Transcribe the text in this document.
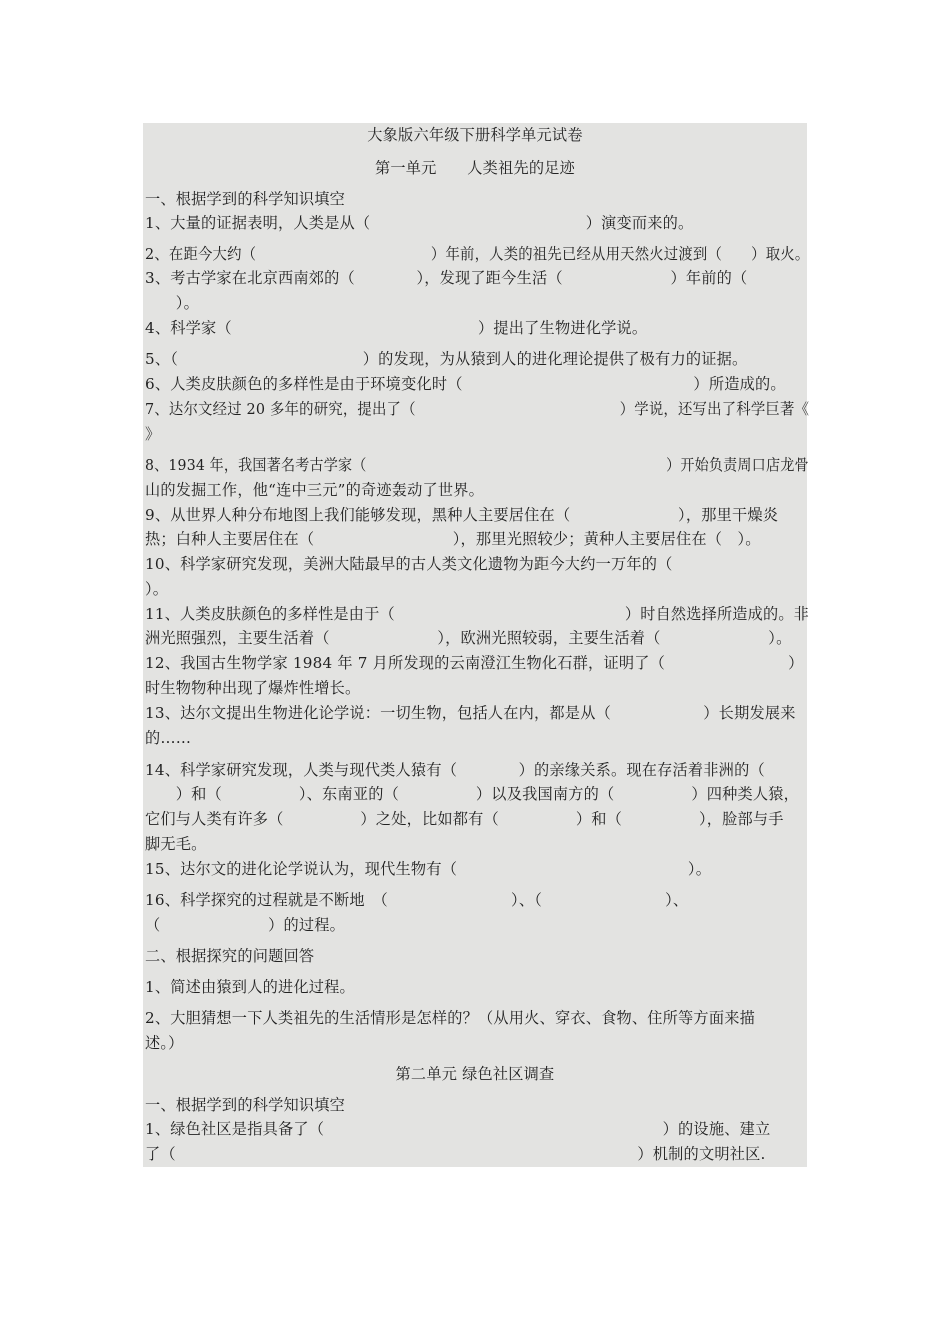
大象版六年级下册科学单元试卷
第一单元　　人类祖先的足迹
一、根据学到的科学知识填空
1、大量的证据表明，人类是从（　　　　　　　　　　　　　　）演变而来的。
2、在距今大约（　　　　　　　　　　　　）年前，人类的祖先已经从用天然火过渡到（　　）取火。
3、考古学家在北京西南郊的（　　　　），发现了距今生活（　　　　　　　）年前的（
　　）。
4、科学家（　　　　　　　　　　　　　　　　）提出了生物进化学说。
5、（　　　　　　　　　　　　）的发现，为从猿到人的进化理论提供了极有力的证据。
6、人类皮肤颜色的多样性是由于环境变化时（　　　　　　　　　　　　　　　）所造成的。
7、达尔文经过 20 多年的研究，提出了（　　　　　　　　　　　　　　）学说，还写出了科学巨著《
》
8、1934 年，我国著名考古学家（　　　　　　　　　　　　　　　　　　　　　）开始负责周口店龙骨
山的发掘工作，他“连中三元”的奇迹轰动了世界。
9、从世界人种分布地图上我们能够发现，黑种人主要居住在（　　　　　　　），那里干燥炎
热；白种人主要居住在（　　　　　　　　　），那里光照较少；黄种人主要居住在（　）。
10、科学家研究发现，美洲大陆最早的古人类文化遗物为距今大约一万年的（
）。
11、人类皮肤颜色的多样性是由于（　　　　　　　　　　　　　　　）时自然选择所造成的。非
洲光照强烈，主要生活着（　　　　　　　），欧洲光照较弱，主要生活着（　　　　　　　）。
12、我国古生物学家 1984 年 7 月所发现的云南澄江生物化石群，证明了（　　　　　　　　）
时生物物种出现了爆炸性增长。
13、达尔文提出生物进化论学说：一切生物，包括人在内，都是从（　　　　　　）长期发展来
的……
14、科学家研究发现，人类与现代类人猿有（　　　　）的亲缘关系。现在存活着非洲的（
　　）和（　　　　　）、东南亚的（　　　　　）以及我国南方的（　　　　　）四种类人猿，
它们与人类有许多（　　　　　）之处，比如都有（　　　　　）和（　　　　　），脸部与手
脚无毛。
15、达尔文的进化论学说认为，现代生物有（　　　　　　　　　　　　　　　）。
16、科学探究的过程就是不断地　（　　　　　　　　）、（　　　　　　　　）、
（　　　　　　　）的过程。
二、根据探究的问题回答
1、简述由猿到人的进化过程。
2、大胆猜想一下人类祖先的生活情形是怎样的？（从用火、穿衣、食物、住所等方面来描
述。）
第二单元 绿色社区调查
一、根据学到的科学知识填空
1、绿色社区是指具备了（　　　　　　　　　　　　　　　　　　　　　　）的设施、建立
了（　　　　　　　　　　　　　　　　　　　　　　　　　　　　　　）机制的文明社区.
